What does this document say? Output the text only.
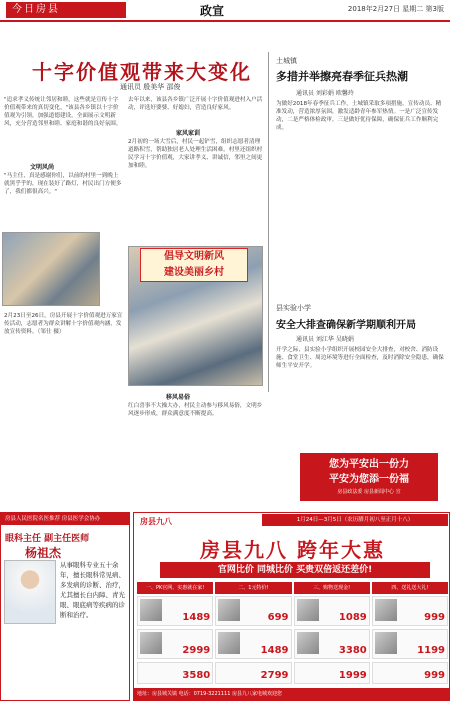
今日房县	政宣	2018年2月27日 星期二 第3版
十字价值观带来大变化
通讯员 殷美华 邵俊
"追求孝义传统让邻居和睦，这些就是宣传十字价值观带来的真切变化。"该县各乡镇以十字价值观为引领，加强道德建设，全面展示文明新风，充分营造邻里和睦、家庭和谐的良好氛围。
文明风尚
"马主任，真是感谢你们，以前的村里一到晚上就黑乎乎的，现在装好了路灯，村民出门方便多了，我们都很高兴。"
去年以来，该县各乡镇广泛开展十字价值观进村入户活动，评选好婆婆、好媳妇，营造良好家风。
家风家训
2月初的一场大雪后，村民一起铲雪，组织志愿者清理道路积雪，帮助独居老人处理生活困难。村里还组织村民学习十字价值观，大家讲孝义、讲诚信，邻里之间更加和睦。
2月23日至26日，房县开展十字价值观进万家宣传活动，志愿者为群众讲解十字价值观内涵，发放宣传资料。（邹仕 摄）
倡导文明新风
建设美丽乡村
移风易俗
红白喜事不大操大办，村民主动参与移风易俗，文明乡风逐步形成，群众满意度不断提高。
土城镇
多措并举擦亮春季征兵热潮
通讯员 刘彩娟 欧馨玲
为做好2018年春季征兵工作，土城镇采取多项措施，宣传动员、精准发动，营造浓厚氛围，激发适龄青年参军热情。一是广泛宣传发动，二是严格体检政审，三是做好优待保障，确保征兵工作顺利完成。
县实验小学
安全大排查确保新学期顺利开局
通讯员 刘江华 吴晓娟
开学之际，县实验小学组织开展校园安全大排查，对校舍、消防设施、食堂卫生、周边环境等进行全面检查，及时消除安全隐患，确保师生平安开学。
您为平安出一份力
平安为您添一份福
房县政法委 房县新闻中心 宣
房县人民医院名医推荐 房县医学会协办
眼科主任 副主任医师
杨祖杰
从事眼科专业五十余年，擅长眼科常见病、多发病的诊断、治疗，尤其擅长白内障、青光眼、眼底病等疾病的诊断和治疗。
房县九八	1月24日—3月5日（农历腊月初八至正月十八）
房县九八 跨年大惠
官网比价 同城比价 买贵双倍返还差价!
一、PK官网、实惠就在家!	二、1元特价!	三、购物送现金!	四、送礼送大礼!
1489	699	1089	999
2999	1489	3380	1199
3580	2799	1999	999
地址：房县城关镇 电话：0719-3221111 房县九八家电城欢迎您
